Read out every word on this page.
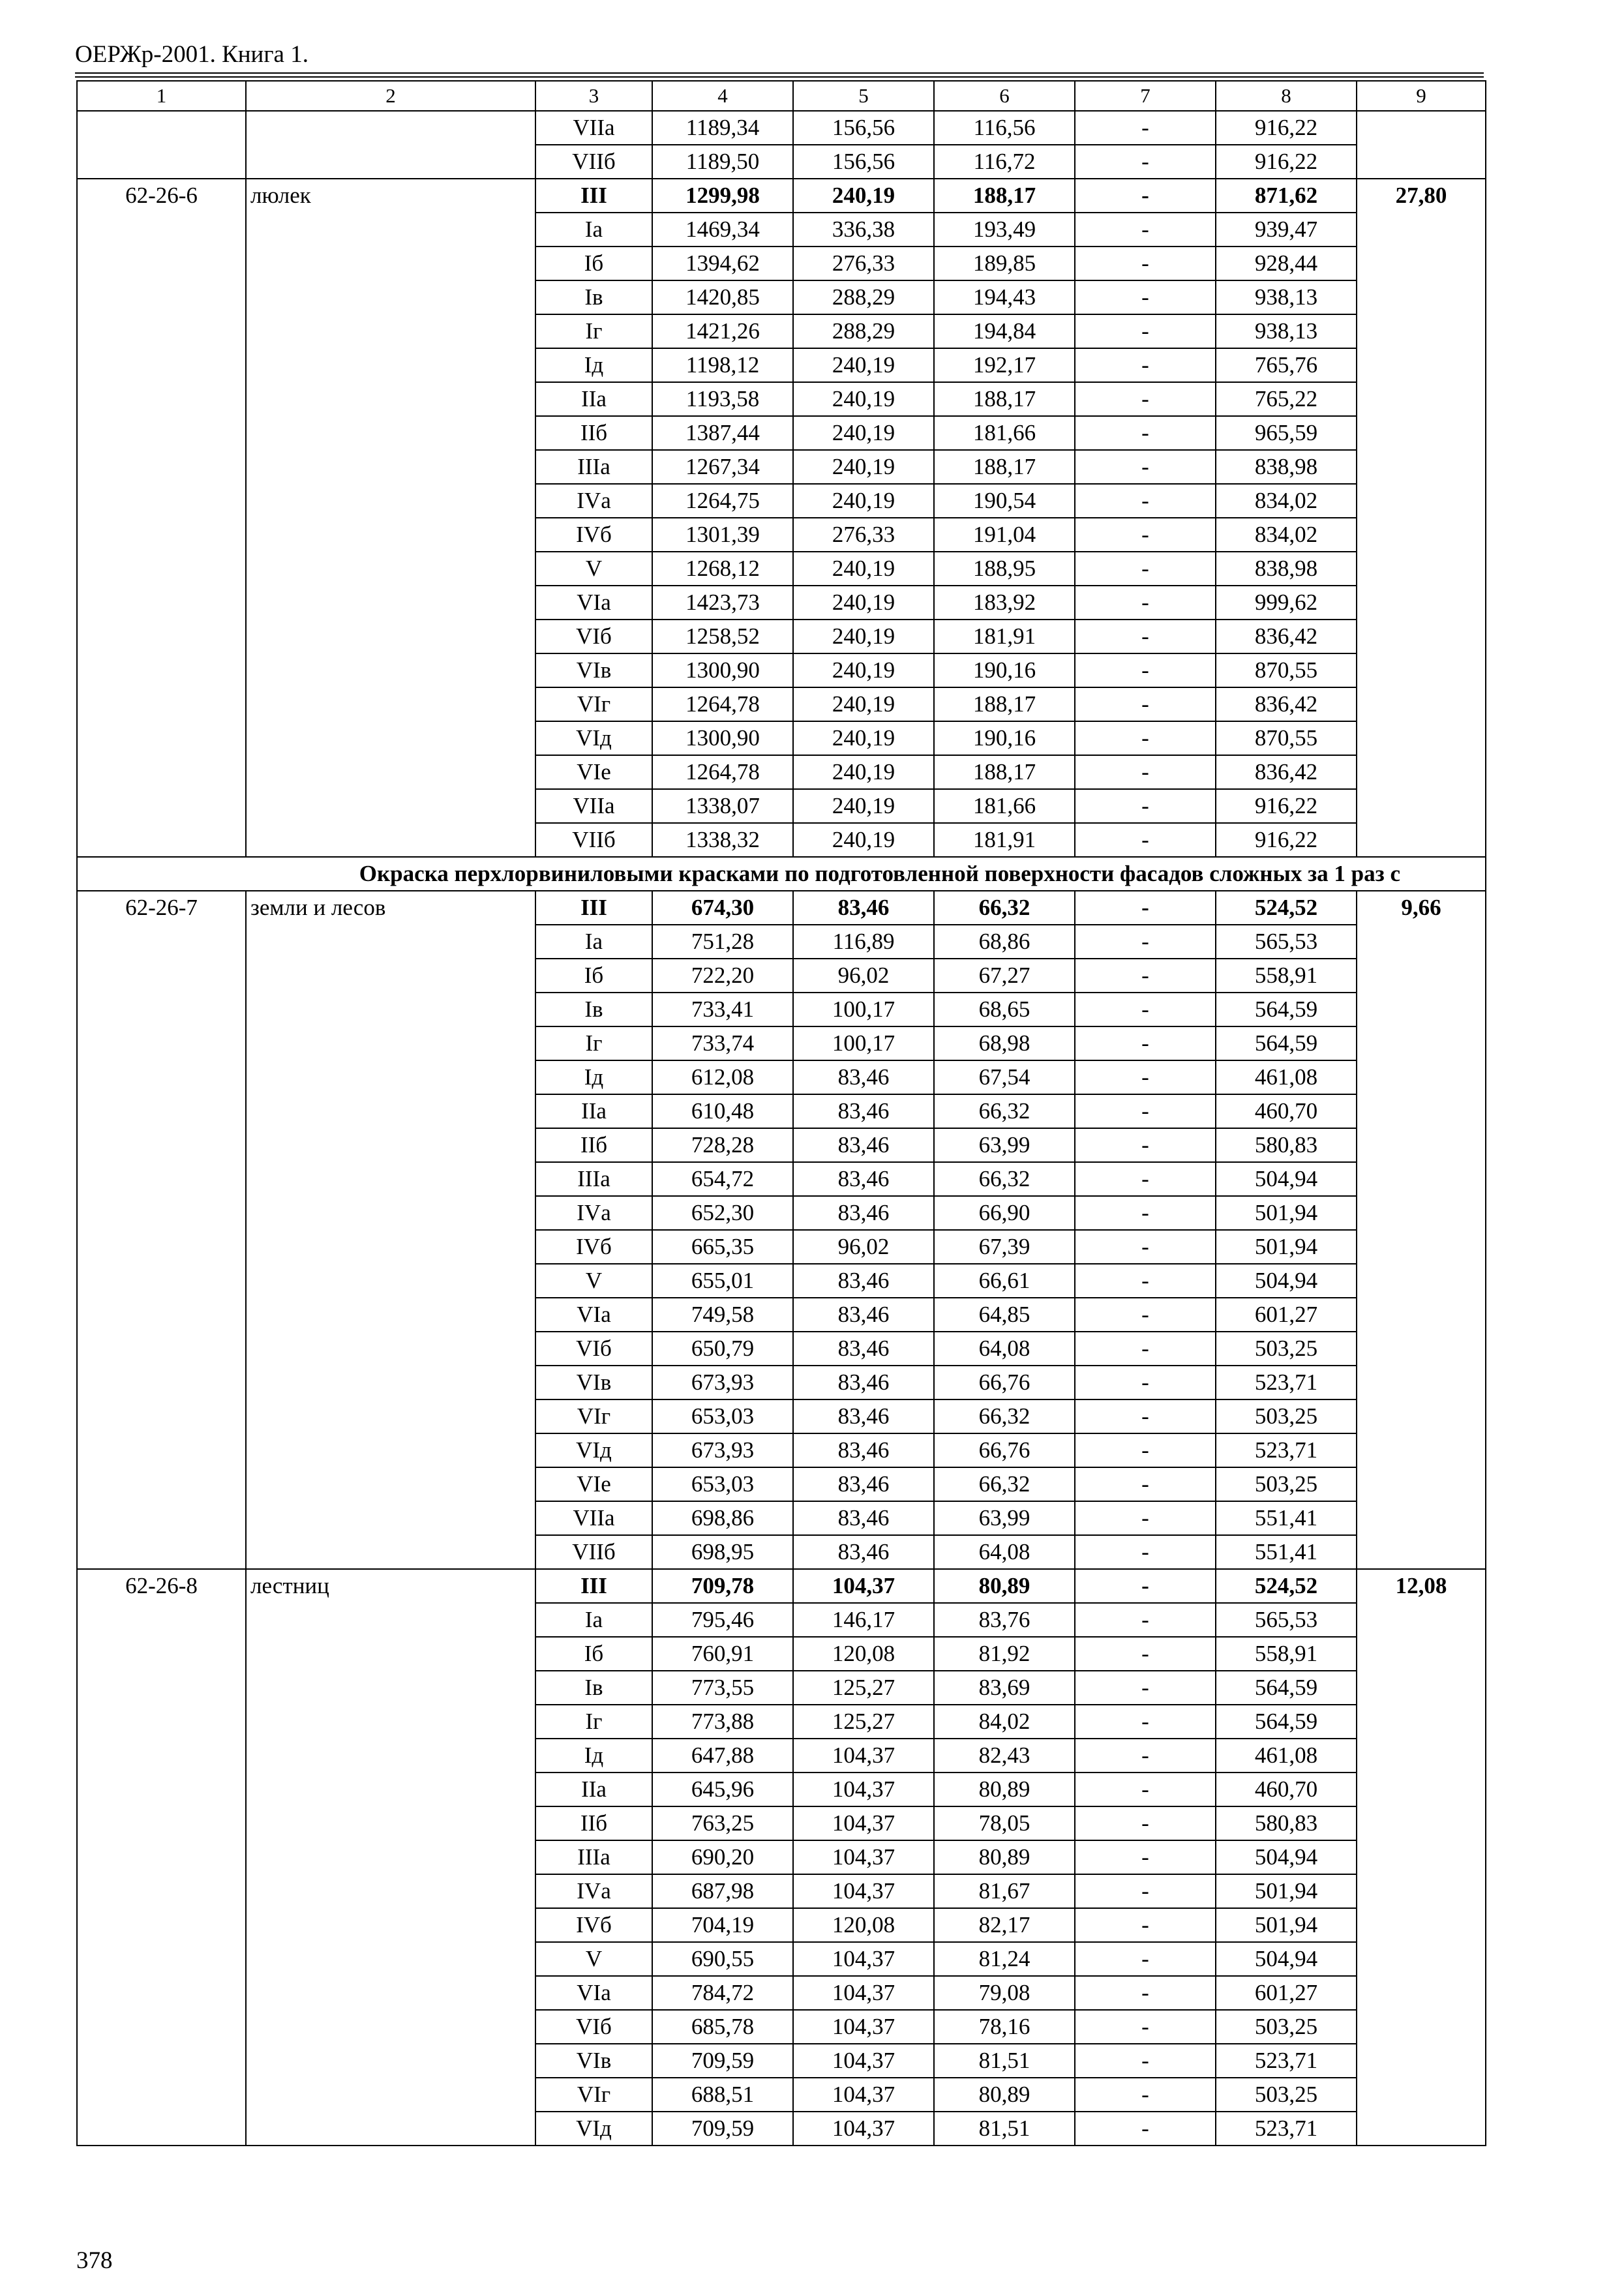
ОЕРЖр-2001. Книга 1.
1	2	3	4	5	6	7	8	9
		VIIа	1189,34	156,56	116,56	-	916,22	
		VIIб	1189,50	156,56	116,72	-	916,22	
62-26-6	люлек	III	1299,98	240,19	188,17	-	871,62	27,80
		Iа	1469,34	336,38	193,49	-	939,47	
		Iб	1394,62	276,33	189,85	-	928,44	
		Iв	1420,85	288,29	194,43	-	938,13	
		Iг	1421,26	288,29	194,84	-	938,13	
		Iд	1198,12	240,19	192,17	-	765,76	
		IIа	1193,58	240,19	188,17	-	765,22	
		IIб	1387,44	240,19	181,66	-	965,59	
		IIIа	1267,34	240,19	188,17	-	838,98	
		IVа	1264,75	240,19	190,54	-	834,02	
		IVб	1301,39	276,33	191,04	-	834,02	
		V	1268,12	240,19	188,95	-	838,98	
		VIа	1423,73	240,19	183,92	-	999,62	
		VIб	1258,52	240,19	181,91	-	836,42	
		VIв	1300,90	240,19	190,16	-	870,55	
		VIг	1264,78	240,19	188,17	-	836,42	
		VIд	1300,90	240,19	190,16	-	870,55	
		VIе	1264,78	240,19	188,17	-	836,42	
		VIIа	1338,07	240,19	181,66	-	916,22	
		VIIб	1338,32	240,19	181,91	-	916,22	
Окраска перхлорвиниловыми красками по подготовленной поверхности фасадов сложных за 1 раз с								
62-26-7	земли и лесов	III	674,30	83,46	66,32	-	524,52	9,66
		Iа	751,28	116,89	68,86	-	565,53	
		Iб	722,20	96,02	67,27	-	558,91	
		Iв	733,41	100,17	68,65	-	564,59	
		Iг	733,74	100,17	68,98	-	564,59	
		Iд	612,08	83,46	67,54	-	461,08	
		IIа	610,48	83,46	66,32	-	460,70	
		IIб	728,28	83,46	63,99	-	580,83	
		IIIа	654,72	83,46	66,32	-	504,94	
		IVа	652,30	83,46	66,90	-	501,94	
		IVб	665,35	96,02	67,39	-	501,94	
		V	655,01	83,46	66,61	-	504,94	
		VIа	749,58	83,46	64,85	-	601,27	
		VIб	650,79	83,46	64,08	-	503,25	
		VIв	673,93	83,46	66,76	-	523,71	
		VIг	653,03	83,46	66,32	-	503,25	
		VIд	673,93	83,46	66,76	-	523,71	
		VIе	653,03	83,46	66,32	-	503,25	
		VIIа	698,86	83,46	63,99	-	551,41	
		VIIб	698,95	83,46	64,08	-	551,41	
62-26-8	лестниц	III	709,78	104,37	80,89	-	524,52	12,08
		Iа	795,46	146,17	83,76	-	565,53	
		Iб	760,91	120,08	81,92	-	558,91	
		Iв	773,55	125,27	83,69	-	564,59	
		Iг	773,88	125,27	84,02	-	564,59	
		Iд	647,88	104,37	82,43	-	461,08	
		IIа	645,96	104,37	80,89	-	460,70	
		IIб	763,25	104,37	78,05	-	580,83	
		IIIа	690,20	104,37	80,89	-	504,94	
		IVа	687,98	104,37	81,67	-	501,94	
		IVб	704,19	120,08	82,17	-	501,94	
		V	690,55	104,37	81,24	-	504,94	
		VIа	784,72	104,37	79,08	-	601,27	
		VIб	685,78	104,37	78,16	-	503,25	
		VIв	709,59	104,37	81,51	-	523,71	
		VIг	688,51	104,37	80,89	-	503,25	
		VIд	709,59	104,37	81,51	-	523,71	
378
